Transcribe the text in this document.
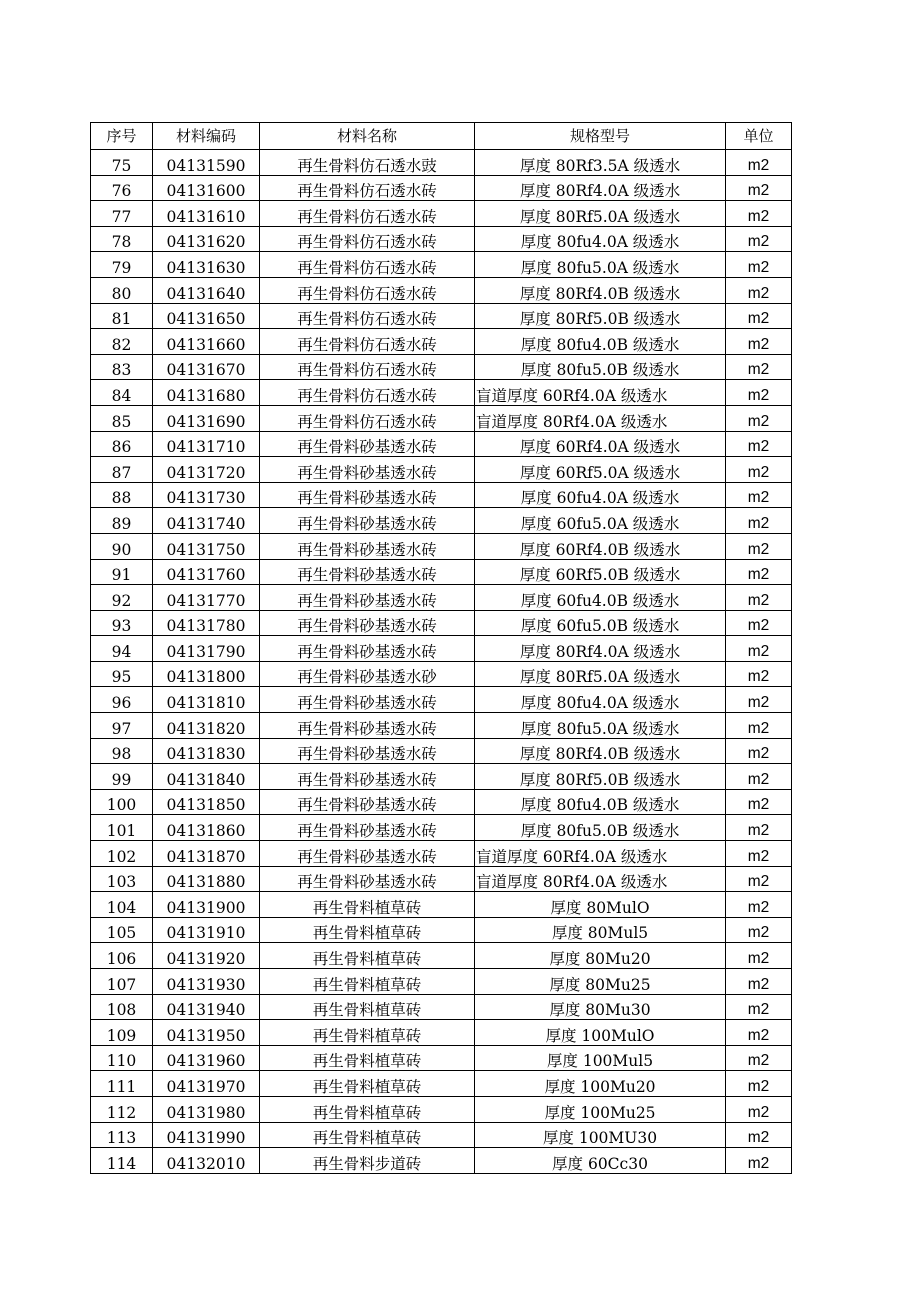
序号	材料编码	材料名称	规格型号	单位
75	04131590	再生骨料仿石透水豉	厚度 80Rf3.5A 级透水	m2
76	04131600	再生骨料仿石透水砖	厚度 80Rf4.0A 级透水	m2
77	04131610	再生骨料仿石透水砖	厚度 80Rf5.0A 级透水	m2
78	04131620	再生骨料仿石透水砖	厚度 80fu4.0A 级透水	m2
79	04131630	再生骨料仿石透水砖	厚度 80fu5.0A 级透水	m2
80	04131640	再生骨料仿石透水砖	厚度 80Rf4.0B 级透水	m2
81	04131650	再生骨料仿石透水砖	厚度 80Rf5.0B 级透水	m2
82	04131660	再生骨料仿石透水砖	厚度 80fu4.0B 级透水	m2
83	04131670	再生骨料仿石透水砖	厚度 80fu5.0B 级透水	m2
84	04131680	再生骨料仿石透水砖	盲道厚度 60Rf4.0A 级透水	m2
85	04131690	再生骨料仿石透水砖	盲道厚度 80Rf4.0A 级透水	m2
86	04131710	再生骨料砂基透水砖	厚度 60Rf4.0A 级透水	m2
87	04131720	再生骨料砂基透水砖	厚度 60Rf5.0A 级透水	m2
88	04131730	再生骨料砂基透水砖	厚度 60fu4.0A 级透水	m2
89	04131740	再生骨料砂基透水砖	厚度 60fu5.0A 级透水	m2
90	04131750	再生骨料砂基透水砖	厚度 60Rf4.0B 级透水	m2
91	04131760	再生骨料砂基透水砖	厚度 60Rf5.0B 级透水	m2
92	04131770	再生骨料砂基透水砖	厚度 60fu4.0B 级透水	m2
93	04131780	再生骨料砂基透水砖	厚度 60fu5.0B 级透水	m2
94	04131790	再生骨料砂基透水砖	厚度 80Rf4.0A 级透水	m2
95	04131800	再生骨料砂基透水砂	厚度 80Rf5.0A 级透水	m2
96	04131810	再生骨料砂基透水砖	厚度 80fu4.0A 级透水	m2
97	04131820	再生骨料砂基透水砖	厚度 80fu5.0A 级透水	m2
98	04131830	再生骨料砂基透水砖	厚度 80Rf4.0B 级透水	m2
99	04131840	再生骨料砂基透水砖	厚度 80Rf5.0B 级透水	m2
100	04131850	再生骨料砂基透水砖	厚度 80fu4.0B 级透水	m2
101	04131860	再生骨料砂基透水砖	厚度 80fu5.0B 级透水	m2
102	04131870	再生骨料砂基透水砖	盲道厚度 60Rf4.0A 级透水	m2
103	04131880	再生骨料砂基透水砖	盲道厚度 80Rf4.0A 级透水	m2
104	04131900	再生骨料植草砖	厚度 80MulO	m2
105	04131910	再生骨料植草砖	厚度 80Mul5	m2
106	04131920	再生骨料植草砖	厚度 80Mu20	m2
107	04131930	再生骨料植草砖	厚度 80Mu25	m2
108	04131940	再生骨料植草砖	厚度 80Mu30	m2
109	04131950	再生骨料植草砖	厚度 100MulO	m2
110	04131960	再生骨料植草砖	厚度 100Mul5	m2
111	04131970	再生骨料植草砖	厚度 100Mu20	m2
112	04131980	再生骨料植草砖	厚度 100Mu25	m2
113	04131990	再生骨料植草砖	厚度 100MU30	m2
114	04132010	再生骨料步道砖	厚度 60Cc30	m2
